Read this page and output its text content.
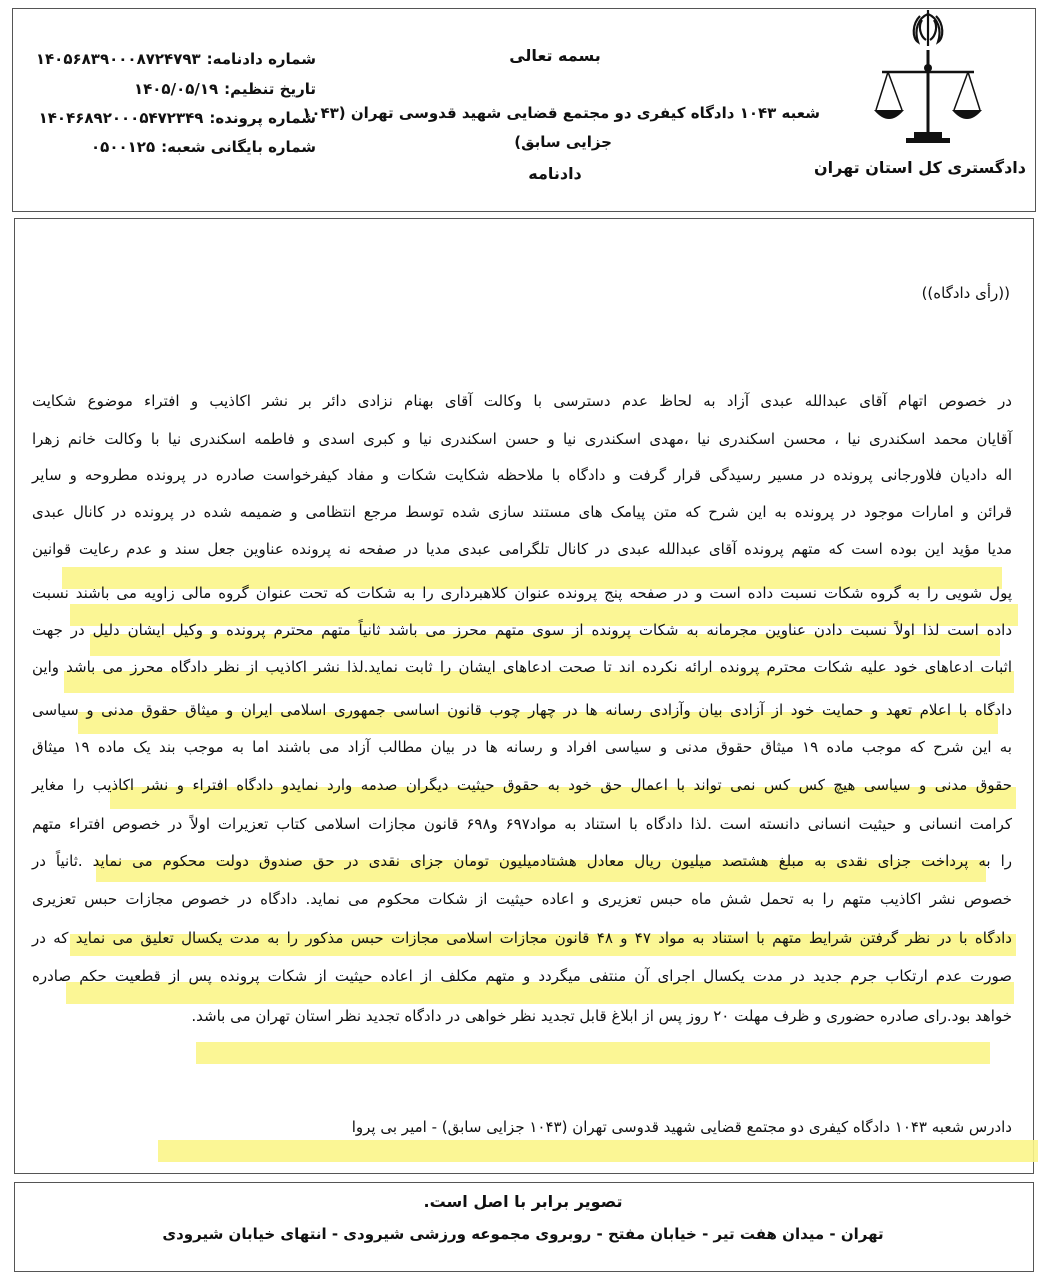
دادگستری کل استان تهران
بسمه تعالی
شعبه ۱۰۴۳ دادگاه کیفری دو مجتمع قضایی شهید قدوسی تهران (۱۰۴۳
جزایی سابق)
دادنامه
شماره دادنامه:۱۴۰۵۶۸۳۹۰۰۰۸۷۲۴۷۹۳
تاریخ تنظیم:۱۴۰۵/۰۵/۱۹
شماره پرونده:۱۴۰۴۶۸۹۲۰۰۰۵۴۷۲۳۴۹
شماره بایگانی شعبه:۰۵۰۰۱۲۵
((رأی دادگاه))
در خصوص اتهام آقای عبدالله عبدی آزاد به لحاظ عدم دسترسی با وکالت آقای بهنام نزادی دائر بر نشر اکاذیب و افتراء موضوع شکایت
آقایان محمد اسکندری نیا ، محسن اسکندری نیا ،مهدی اسکندری نیا و حسن اسکندری نیا و کبری اسدی و فاطمه اسکندری نیا با وکالت خانم زهرا
اله دادیان فلاورجانی پرونده در مسیر رسیدگی قرار گرفت و دادگاه با ملاحظه شکایت شکات و مفاد کیفرخواست صادره در پرونده مطروحه و سایر
قرائن و امارات موجود در پرونده به این شرح که متن پیامک های مستند سازی شده توسط مرجع انتظامی و ضمیمه شده در پرونده در کانال عبدی
مدیا مؤید این بوده است که متهم پرونده آقای عبدالله عبدی در کانال تلگرامی عبدی مدیا در صفحه نه پرونده عناوین جعل سند و عدم رعایت قوانین
پول شویی را به گروه شکات نسبت داده است و در صفحه پنج پرونده عنوان کلاهبرداری را به شکات که تحت عنوان گروه مالی زاویه می باشند نسبت
داده است لذا اولاً نسبت دادن عناوین مجرمانه به شکات پرونده از سوی متهم محرز می باشد ثانیاً متهم محترم پرونده و وکیل ایشان دلیل در جهت
اثبات ادعاهای خود علیه شکات محترم پرونده ارائه نکرده اند تا صحت ادعاهای ایشان را ثابت نماید.لذا نشر اکاذیب از نظر دادگاه محرز می باشد واین
دادگاه با اعلام تعهد و حمایت خود از آزادی بیان وآزادی رسانه ها در چهار چوب قانون اساسی جمهوری اسلامی ایران و میثاق حقوق مدنی و سیاسی
به این شرح که موجب ماده ۱۹ میثاق حقوق مدنی و سیاسی افراد و رسانه ها در بیان مطالب آزاد می باشند اما به موجب بند یک ماده ۱۹ میثاق
حقوق مدنی و سیاسی هیچ کس کس نمی تواند با اعمال حق خود به حقوق حیثیت دیگران صدمه وارد نمایدو دادگاه افتراء و نشر اکاذیب را مغایر
کرامت انسانی و حیثیت انسانی دانسته است .لذا دادگاه با استناد به مواد۶۹۷ و۶۹۸ قانون مجازات اسلامی کتاب تعزیرات اولاً در خصوص افتراء متهم
را به پرداخت جزای نقدی به مبلغ هشتصد میلیون ریال معادل هشتادمیلیون تومان جزای نقدی در حق صندوق دولت محکوم می نماید .ثانیاً در
خصوص نشر اکاذیب متهم را به تحمل شش ماه حبس تعزیری و اعاده حیثیت از شکات محکوم می نماید. دادگاه در خصوص مجازات حبس تعزیری
دادگاه با در نظر گرفتن شرایط متهم با استناد به مواد ۴۷ و ۴۸ قانون مجازات اسلامی مجازات حبس مذکور را به مدت یکسال تعلیق می نماید که در
صورت عدم ارتکاب جرم جدید در مدت یکسال اجرای آن منتفی میگردد و متهم مکلف از اعاده حیثیت از شکات پرونده پس از قطعیت حکم صادره
خواهد بود.رای صادره حضوری و ظرف مهلت ۲۰ روز پس از ابلاغ قابل تجدید نظر خواهی در دادگاه تجدید نظر استان تهران می باشد.
دادرس شعبه ۱۰۴۳ دادگاه کیفری دو مجتمع قضایی شهید قدوسی تهران (۱۰۴۳ جزایی سابق) - امیر بی پروا
تصویر برابر با اصل است.
تهران - میدان هفت تیر - خیابان مفتح - روبروی مجموعه ورزشی شیرودی - انتهای خیابان شیرودی
